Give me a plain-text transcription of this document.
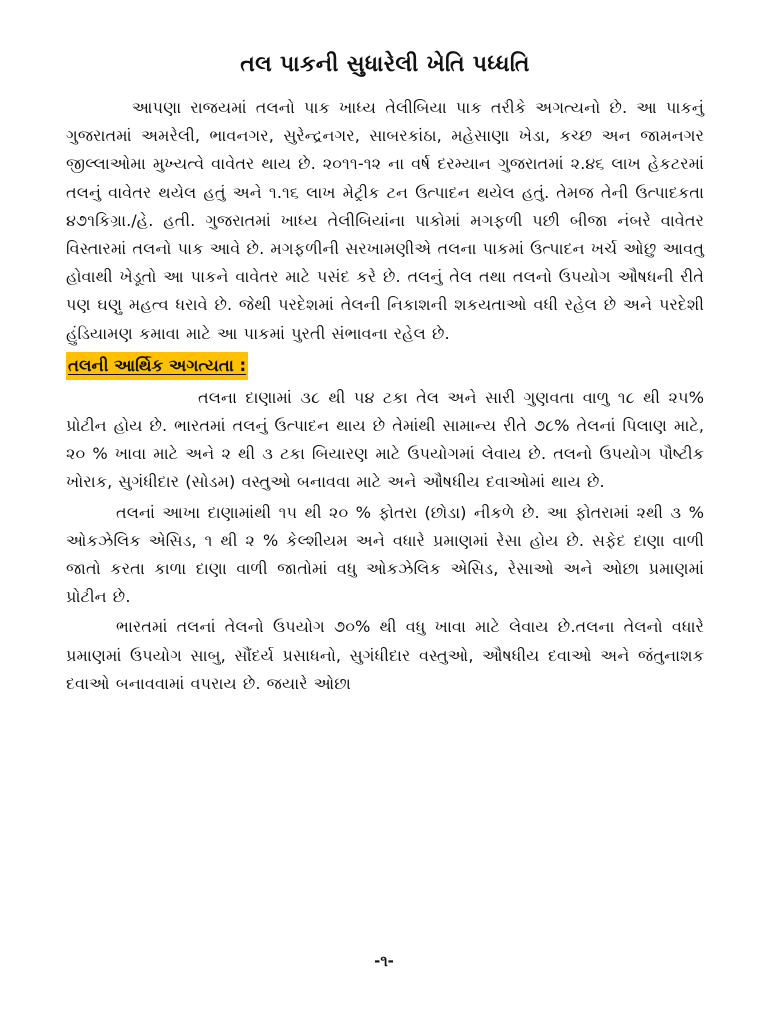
તલ પાકની સુધારેલી ખેતિ પધ્ધતિ

આપણા રાજયમાં તલનો પાક ખાધ્ય તેલીબિયા પાક તરીકે અગત્યનો છે. આ પાકનું ગુજરાતમાં અમરેલી, ભાવનગર, સુરેન્દ્રનગર, સાબરકાંઠા, મહેસાણા ખેડા, કચ્છ અન જામનગર જીલ્લાઓમા મુખ્યત્વે વાવેતર થાય છે. ૨૦૧૧-૧૨ ના વર્ષ દરમ્યાન ગુજરાતમાં ૨.૪૬ લાખ હેકટરમાં તલનું વાવેતર થયેલ હતું અને ૧.૧૬ લાખ મેટ્રીક ટન ઉત્પાદન થયેલ હતું. તેમજ તેની ઉત્પાદકતા ૪૭૧કિગ્રા./હે. હતી. ગુજરાતમાં ખાધ્ય તેલીબિયાંના પાકોમાં મગફળી પછી બીજા નંબરે વાવેતર વિસ્તારમાં તલનો પાક આવે છે. મગફળીની સરખામણીએ તલના પાકમાં ઉત્પાદન ખર્ચ ઓછુ આવતુ હોવાથી ખેડૂતો આ પાકને વાવેતર માટે પસંદ કરે છે. તલનું તેલ તથા તલનો ઉપયોગ ઔષધની રીતે પણ ઘણુ મહત્વ ધરાવે છે. જેથી પરદેશમાં તેલની નિકાશની શકયતાઓ વધી રહેલ છે અને પરદેશી હુંડિયામણ કમાવા માટે આ પાકમાં પુરતી સંભાવના રહેલ છે.

તલની આર્થિક અગત્યતા :

તલના દાણામાં ૩૮ થી ૫૪ ટકા તેલ અને સારી ગુણવતા વાળુ ૧૮ થી ૨૫% પ્રોટીન હોય છે. ભારતમાં તલનું ઉત્પાદન થાય છે તેમાંથી સામાન્ય રીતે ૭૮% તેલનાં પિલાણ માટે, ૨૦ % ખાવા માટે અને ૨ થી ૩ ટકા બિયારણ માટે ઉપયોગમાં લેવાય છે. તલનો ઉપયોગ પૌષ્ટીક ખોરાક, સુગંધીદાર (સોડમ) વસ્તુઓ બનાવવા માટે અને ઔષધીય દવાઓમાં થાય છે.

તલનાં આખા દાણામાંથી ૧૫ થી ૨૦ % ફોતરા (છોડા) નીકળે છે. આ ફોતરામાં ૨થી ૩ % ઓકઝેલિક એસિડ, ૧ થી ૨ % કેલ્શીયમ અને વધારે પ્રમાણમાં રેસા હોય છે. સફેદ દાણા વાળી જાતો કરતા કાળા દાણા વાળી જાતોમાં વધુ ઓકઝેલિક એસિડ, રેસાઓ અને ઓછા પ્રમાણમાં પ્રોટીન છે.

ભારતમાં તલનાં તેલનો ઉપયોગ ૭૦% થી વધુ ખાવા માટે લેવાય છે.તલના તેલનો વધારે પ્રમાણમાં ઉપયોગ સાબુ, સૌંદર્ય પ્રસાધનો, સુગંધીદાર વસ્તુઓ, ઔષધીય દવાઓ અને જંતુનાશક દવાઓ બનાવવામાં વપરાય છે. જયારે ઓછા

-૧-
